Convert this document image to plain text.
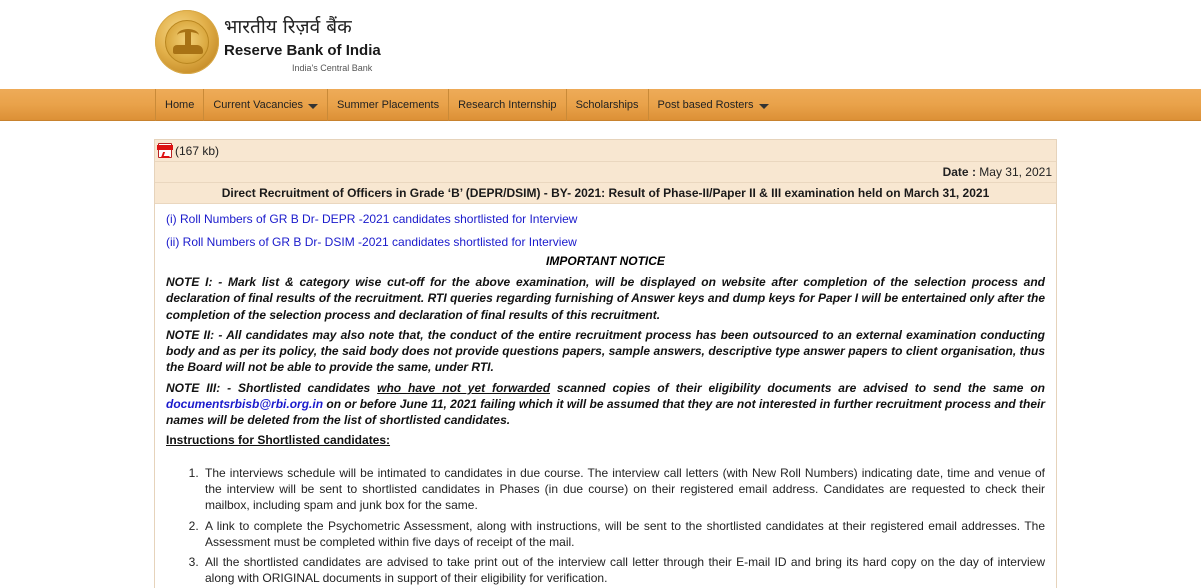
भारतीय रिज़र्व बैंक
Reserve Bank of India
India's Central Bank
Home Current Vacancies	Summer Placements Research Internship Scholarships Post based Rosters
(167 kb)
Date : May 31, 2021
Direct Recruitment of Officers in Grade ‘B’ (DEPR/DSIM) - BY- 2021: Result of Phase-II/Paper II & III examination held on March 31, 2021
(i) Roll Numbers of GR B Dr- DEPR -2021 candidates shortlisted for Interview
(ii) Roll Numbers of GR B Dr- DSIM -2021 candidates shortlisted for Interview
IMPORTANT NOTICE

NOTE I: - Mark list & category wise cut-off for the above examination, will be displayed on website after completion of the selection process and declaration of final results of the recruitment. RTI queries regarding furnishing of Answer keys and dump keys for Paper I will be entertained only after the completion of the selection process and declaration of final results of this recruitment.

NOTE II: - All candidates may also note that, the conduct of the entire recruitment process has been outsourced to an external examination conducting body and as per its policy, the said body does not provide questions papers, sample answers, descriptive type answer papers to client organisation, thus the Board will not be able to provide the same, under RTI.

NOTE III: - Shortlisted candidates who have not yet forwarded scanned copies of their eligibility documents are advised to send the same on documentsrbisb@rbi.org.in on or before June 11, 2021 failing which it will be assumed that they are not interested in further recruitment process and their names will be deleted from the list of shortlisted candidates.

Instructions for Shortlisted candidates:
1. The interviews schedule will be intimated to candidates in due course. The interview call letters (with New Roll Numbers) indicating date, time and venue of the interview will be sent to shortlisted candidates in Phases (in due course) on their registered email address. Candidates are requested to check their mailbox, including spam and junk box for the same.
2. A link to complete the Psychometric Assessment, along with instructions, will be sent to the shortlisted candidates at their registered email addresses. The Assessment must be completed within five days of receipt of the mail.
3. All the shortlisted candidates are advised to take print out of the interview call letter through their E-mail ID and bring its hard copy on the day of interview along with ORIGINAL documents in support of their eligibility for verification.
